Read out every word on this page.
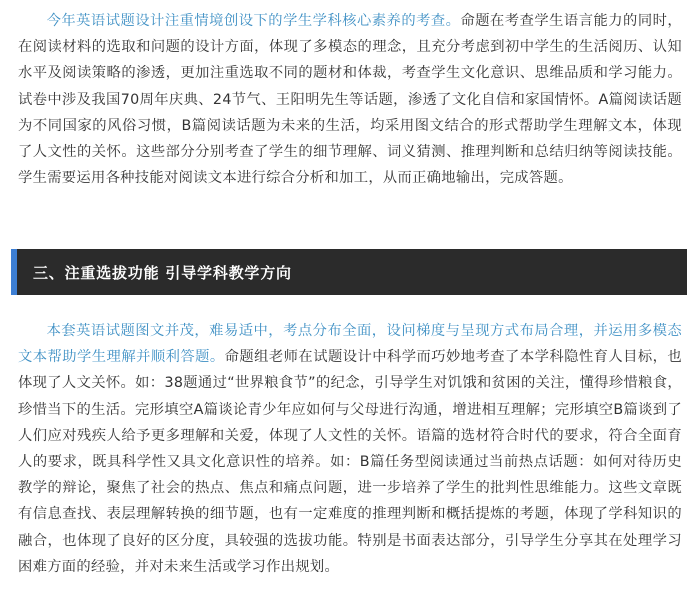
今年英语试题设计注重情境创设下的学生学科核心素养的考查。命题在考查学生语言能力的同时，在阅读材料的选取和问题的设计方面，体现了多模态的理念，且充分考虑到初中学生的生活阅历、认知水平及阅读策略的渗透，更加注重选取不同的题材和体裁，考查学生文化意识、思维品质和学习能力。试卷中涉及我国70周年庆典、24节气、王阳明先生等话题，渗透了文化自信和家国情怀。A篇阅读话题为不同国家的风俗习惯，B篇阅读话题为未来的生活，均采用图文结合的形式帮助学生理解文本，体现了人文性的关怀。这些部分分别考查了学生的细节理解、词义猜测、推理判断和总结归纳等阅读技能。学生需要运用各种技能对阅读文本进行综合分析和加工，从而正确地输出，完成答题。

三、注重选拔功能 引导学科教学方向

本套英语试题图文并茂，难易适中，考点分布全面，设问梯度与呈现方式布局合理，并运用多模态文本帮助学生理解并顺利答题。命题组老师在试题设计中科学而巧妙地考查了本学科隐性育人目标，也体现了人文关怀。如：38题通过“世界粮食节”的纪念，引导学生对饥饿和贫困的关注，懂得珍惜粮食，珍惜当下的生活。完形填空A篇谈论青少年应如何与父母进行沟通，增进相互理解；完形填空B篇谈到了人们应对残疾人给予更多理解和关爱，体现了人文性的关怀。语篇的选材符合时代的要求，符合全面育人的要求，既具科学性又具文化意识性的培养。如：B篇任务型阅读通过当前热点话题：如何对待历史教学的辩论，聚焦了社会的热点、焦点和痛点问题，进一步培养了学生的批判性思维能力。这些文章既有信息查找、表层理解转换的细节题，也有一定难度的推理判断和概括提炼的考题，体现了学科知识的融合，也体现了良好的区分度，具较强的选拔功能。特别是书面表达部分，引导学生分享其在处理学习困难方面的经验，并对未来生活或学习作出规划。
